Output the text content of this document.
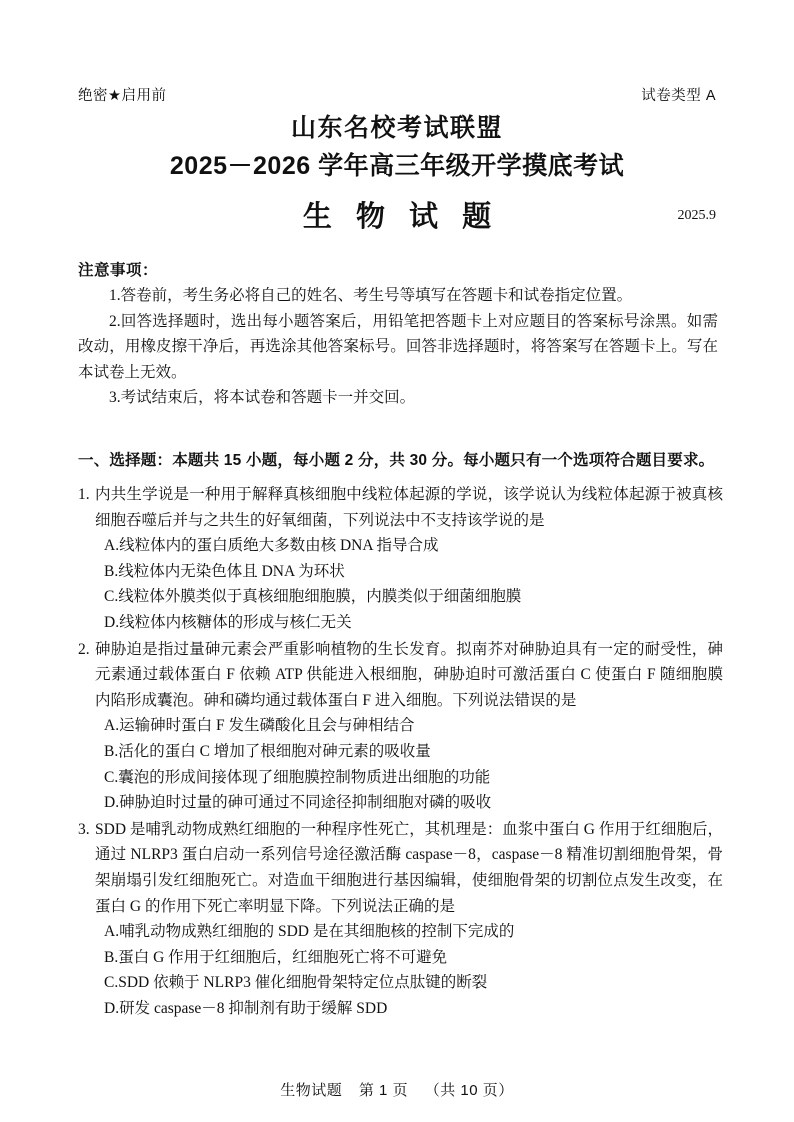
绝密★启用前	试卷类型 A
山东名校考试联盟
2025－2026 学年高三年级开学摸底考试
生 物 试 题	2025.9
注意事项：

1.答卷前，考生务必将自己的姓名、考生号等填写在答题卡和试卷指定位置。

2.回答选择题时，选出每小题答案后，用铅笔把答题卡上对应题目的答案标号涂黑。如需改动，用橡皮擦干净后，再选涂其他答案标号。回答非选择题时，将答案写在答题卡上。写在本试卷上无效。

3.考试结束后，将本试卷和答题卡一并交回。

一、选择题：本题共 15 小题，每小题 2 分，共 30 分。每小题只有一个选项符合题目要求。
1. 内共生学说是一种用于解释真核细胞中线粒体起源的学说，该学说认为线粒体起源于被真核细胞吞噬后并与之共生的好氧细菌，下列说法中不支持该学说的是
A.线粒体内的蛋白质绝大多数由核 DNA 指导合成
B.线粒体内无染色体且 DNA 为环状
C.线粒体外膜类似于真核细胞细胞膜，内膜类似于细菌细胞膜
D.线粒体内核糖体的形成与核仁无关
2. 砷胁迫是指过量砷元素会严重影响植物的生长发育。拟南芥对砷胁迫具有一定的耐受性，砷元素通过载体蛋白 F 依赖 ATP 供能进入根细胞，砷胁迫时可激活蛋白 C 使蛋白 F 随细胞膜内陷形成囊泡。砷和磷均通过载体蛋白 F 进入细胞。下列说法错误的是
A.运输砷时蛋白 F 发生磷酸化且会与砷相结合
B.活化的蛋白 C 增加了根细胞对砷元素的吸收量
C.囊泡的形成间接体现了细胞膜控制物质进出细胞的功能
D.砷胁迫时过量的砷可通过不同途径抑制细胞对磷的吸收
3. SDD 是哺乳动物成熟红细胞的一种程序性死亡，其机理是：血浆中蛋白 G 作用于红细胞后，通过 NLRP3 蛋白启动一系列信号途径激活酶 caspase－8，caspase－8 精准切割细胞骨架，骨架崩塌引发红细胞死亡。对造血干细胞进行基因编辑，使细胞骨架的切割位点发生改变，在蛋白 G 的作用下死亡率明显下降。下列说法正确的是
A.哺乳动物成熟红细胞的 SDD 是在其细胞核的控制下完成的
B.蛋白 G 作用于红细胞后，红细胞死亡将不可避免
C.SDD 依赖于 NLRP3 催化细胞骨架特定位点肽键的断裂
D.研发 caspase－8 抑制剂有助于缓解 SDD
生物试题 第 1 页 （共 10 页）
